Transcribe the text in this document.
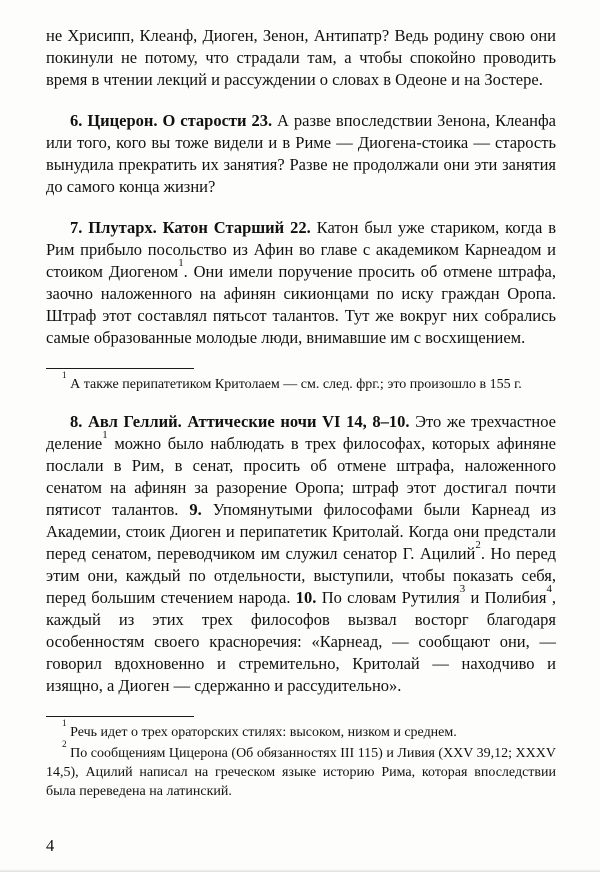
не Хрисипп, Клеанф, Диоген, Зенон, Антипатр? Ведь родину свою они покинули не потому, что страдали там, а чтобы спокойно проводить время в чтении лекций и рассуждении о словах в Одеоне и на Зостере.

6. Цицерон. О старости 23. А разве впоследствии Зенона, Клеанфа или того, кого вы тоже видели и в Риме — Диогена-стоика — старость вынудила прекратить их занятия? Разве не продолжали они эти занятия до самого конца жизни?

7. Плутарх. Катон Старший 22. Катон был уже стариком, когда в Рим прибыло посольство из Афин во главе с академиком Карнеадом и стоиком Диогеном$^1$. Они имели поручение просить об отмене штрафа, заочно наложенного на афинян сикионцами по иску граждан Оропа. Штраф этот составлял пятьсот талантов. Тут же вокруг них собрались самые образованные молодые люди, внимавшие им с восхищением.

$^1$ А также перипатетиком Критолаем — см. след. фрг.; это произошло в 155 г.

8. Авл Геллий. Аттические ночи VI 14, 8–10. Это же трехчастное деление$^1$ можно было наблюдать в трех философах, которых афиняне послали в Рим, в сенат, просить об отмене штрафа, наложенного сенатом на афинян за разорение Оропа; штраф этот достигал почти пятисот талантов. 9. Упомянутыми философами были Карнеад из Академии, стоик Диоген и перипатетик Критолай. Когда они предстали перед сенатом, переводчиком им служил сенатор Г. Ацилий$^2$. Но перед этим они, каждый по отдельности, выступили, чтобы показать себя, перед большим стечением народа. 10. По словам Рутилия$^3$ и Полибия$^4$, каждый из этих трех философов вызвал восторг благодаря особенностям своего красноречия: «Карнеад, — сообщают они, — говорил вдохновенно и стремительно, Критолай — находчиво и изящно, а Диоген — сдержанно и рассудительно».

$^1$ Речь идет о трех ораторских стилях: высоком, низком и среднем.

$^2$ По сообщениям Цицерона (Об обязанностях III 115) и Ливия (XXV 39,12; XXXV 14,5), Ацилий написал на греческом языке историю Рима, которая впоследствии была переведена на латинский.

4
